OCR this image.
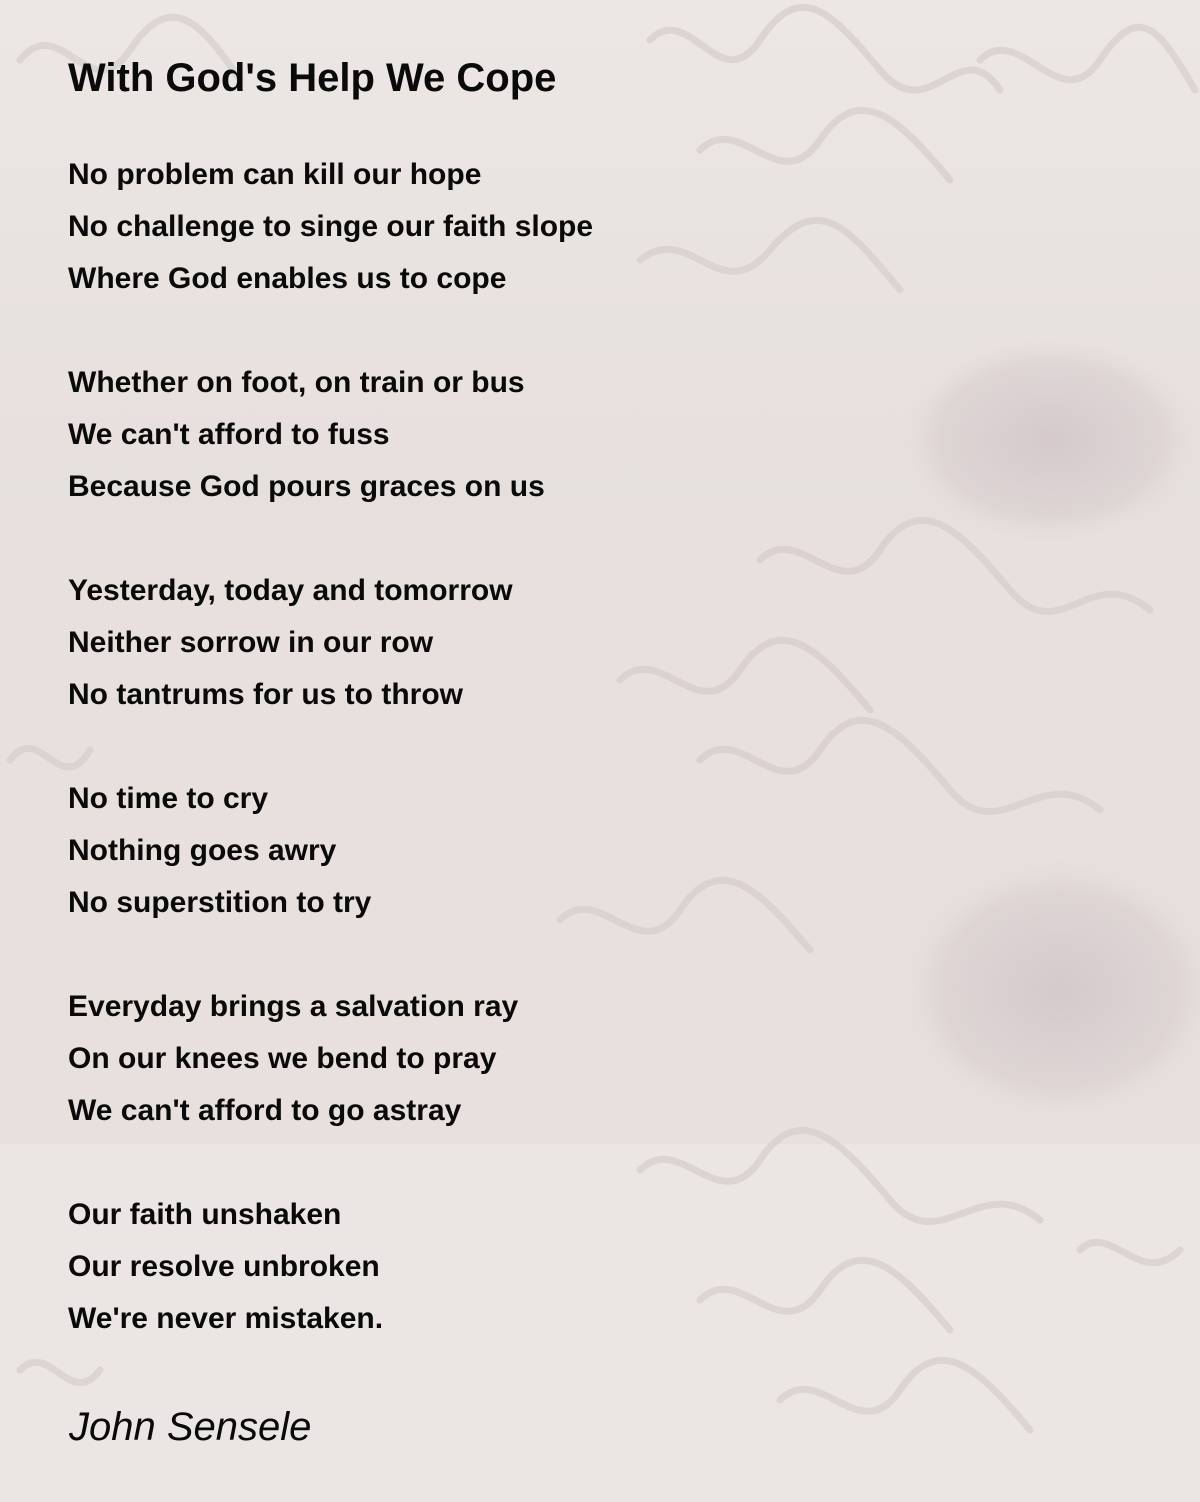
With God's Help We Cope
No problem can kill our hope
No challenge to singe our faith slope
Where God enables us to cope
Whether on foot, on train or bus
We can't afford to fuss
Because God pours graces on us
Yesterday, today and tomorrow
Neither sorrow in our row
No tantrums for us to throw
No time to cry
Nothing goes awry
No superstition to try
Everyday brings a salvation ray
On our knees we bend to pray
We can't afford to go astray
Our faith unshaken
Our resolve unbroken
We're never mistaken.
John Sensele
